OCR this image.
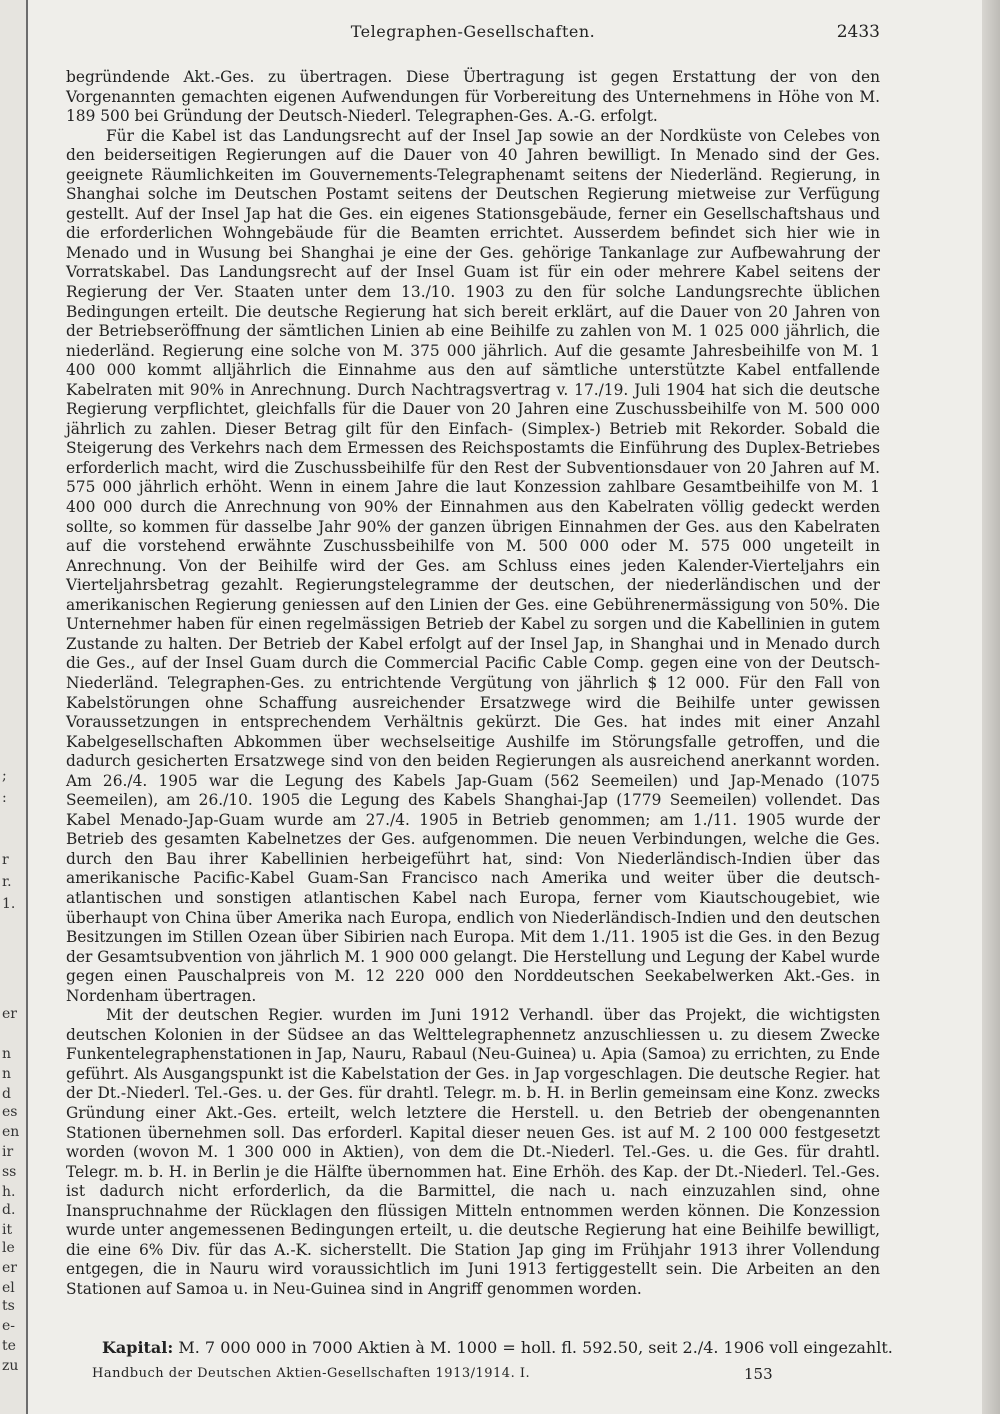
;
:
r
r.
1.
er
n
n
d
es
en
ir
ss
h.
d.
it
le
er
el
ts
e-
te
zu
Telegraphen-Gesellschaften.	2433

begründende Akt.-Ges. zu übertragen. Diese Übertragung ist gegen Erstattung der von den Vorgenannten gemachten eigenen Aufwendungen für Vorbereitung des Unternehmens in Höhe von M. 189 500 bei Gründung der Deutsch-Niederl. Telegraphen-Ges. A.-G. erfolgt.

Für die Kabel ist das Landungsrecht auf der Insel Jap sowie an der Nordküste von Celebes von den beiderseitigen Regierungen auf die Dauer von 40 Jahren bewilligt. In Menado sind der Ges. geeignete Räumlichkeiten im Gouvernements-Telegraphenamt seitens der Niederländ. Regierung, in Shanghai solche im Deutschen Postamt seitens der Deutschen Regierung mietweise zur Verfügung gestellt. Auf der Insel Jap hat die Ges. ein eigenes Stationsgebäude, ferner ein Gesellschaftshaus und die erforderlichen Wohngebäude für die Beamten errichtet. Ausserdem befindet sich hier wie in Menado und in Wusung bei Shanghai je eine der Ges. gehörige Tankanlage zur Aufbewahrung der Vorratskabel. Das Landungsrecht auf der Insel Guam ist für ein oder mehrere Kabel seitens der Regierung der Ver. Staaten unter dem 13./10. 1903 zu den für solche Landungsrechte üblichen Bedingungen erteilt. Die deutsche Regierung hat sich bereit erklärt, auf die Dauer von 20 Jahren von der Betriebseröffnung der sämtlichen Linien ab eine Beihilfe zu zahlen von M. 1 025 000 jährlich, die niederländ. Regierung eine solche von M. 375 000 jährlich. Auf die gesamte Jahresbeihilfe von M. 1 400 000 kommt alljährlich die Einnahme aus den auf sämtliche unterstützte Kabel entfallende Kabelraten mit 90% in Anrechnung. Durch Nachtragsvertrag v. 17./19. Juli 1904 hat sich die deutsche Regierung verpflichtet, gleichfalls für die Dauer von 20 Jahren eine Zuschussbeihilfe von M. 500 000 jährlich zu zahlen. Dieser Betrag gilt für den Einfach- (Simplex-) Betrieb mit Rekorder. Sobald die Steigerung des Verkehrs nach dem Ermessen des Reichspostamts die Einführung des Duplex-Betriebes erforderlich macht, wird die Zuschussbeihilfe für den Rest der Subventionsdauer von 20 Jahren auf M. 575 000 jährlich erhöht. Wenn in einem Jahre die laut Konzession zahlbare Gesamtbeihilfe von M. 1 400 000 durch die Anrechnung von 90% der Einnahmen aus den Kabelraten völlig gedeckt werden sollte, so kommen für dasselbe Jahr 90% der ganzen übrigen Einnahmen der Ges. aus den Kabelraten auf die vorstehend erwähnte Zuschussbeihilfe von M. 500 000 oder M. 575 000 ungeteilt in Anrechnung. Von der Beihilfe wird der Ges. am Schluss eines jeden Kalender-Vierteljahrs ein Vierteljahrsbetrag gezahlt. Regierungstelegramme der deutschen, der niederländischen und der amerikanischen Regierung geniessen auf den Linien der Ges. eine Gebührenermässigung von 50%. Die Unternehmer haben für einen regelmässigen Betrieb der Kabel zu sorgen und die Kabellinien in gutem Zustande zu halten. Der Betrieb der Kabel erfolgt auf der Insel Jap, in Shanghai und in Menado durch die Ges., auf der Insel Guam durch die Commercial Pacific Cable Comp. gegen eine von der Deutsch-Niederländ. Telegraphen-Ges. zu entrichtende Vergütung von jährlich $ 12 000. Für den Fall von Kabelstörungen ohne Schaffung ausreichender Ersatzwege wird die Beihilfe unter gewissen Voraussetzungen in entsprechendem Verhältnis gekürzt. Die Ges. hat indes mit einer Anzahl Kabelgesellschaften Abkommen über wechselseitige Aushilfe im Störungsfalle getroffen, und die dadurch gesicherten Ersatzwege sind von den beiden Regierungen als ausreichend anerkannt worden. Am 26./4. 1905 war die Legung des Kabels Jap-Guam (562 Seemeilen) und Jap-Menado (1075 Seemeilen), am 26./10. 1905 die Legung des Kabels Shanghai-Jap (1779 Seemeilen) vollendet. Das Kabel Menado-Jap-Guam wurde am 27./4. 1905 in Betrieb genommen; am 1./11. 1905 wurde der Betrieb des gesamten Kabelnetzes der Ges. aufgenommen. Die neuen Verbindungen, welche die Ges. durch den Bau ihrer Kabellinien herbeigeführt hat, sind: Von Niederländisch-Indien über das amerikanische Pacific-Kabel Guam-San Francisco nach Amerika und weiter über die deutsch-atlantischen und sonstigen atlantischen Kabel nach Europa, ferner vom Kiautschougebiet, wie überhaupt von China über Amerika nach Europa, endlich von Niederländisch-Indien und den deutschen Besitzungen im Stillen Ozean über Sibirien nach Europa. Mit dem 1./11. 1905 ist die Ges. in den Bezug der Gesamtsubvention von jährlich M. 1 900 000 gelangt. Die Herstellung und Legung der Kabel wurde gegen einen Pauschalpreis von M. 12 220 000 den Norddeutschen Seekabelwerken Akt.-Ges. in Nordenham übertragen.

Mit der deutschen Regier. wurden im Juni 1912 Verhandl. über das Projekt, die wichtigsten deutschen Kolonien in der Südsee an das Welttelegraphennetz anzuschliessen u. zu diesem Zwecke Funkentelegraphenstationen in Jap, Nauru, Rabaul (Neu-Guinea) u. Apia (Samoa) zu errichten, zu Ende geführt. Als Ausgangspunkt ist die Kabelstation der Ges. in Jap vorgeschlagen. Die deutsche Regier. hat der Dt.-Niederl. Tel.-Ges. u. der Ges. für drahtl. Telegr. m. b. H. in Berlin gemeinsam eine Konz. zwecks Gründung einer Akt.-Ges. erteilt, welch letztere die Herstell. u. den Betrieb der obengenannten Stationen übernehmen soll. Das erforderl. Kapital dieser neuen Ges. ist auf M. 2 100 000 festgesetzt worden (wovon M. 1 300 000 in Aktien), von dem die Dt.-Niederl. Tel.-Ges. u. die Ges. für drahtl. Telegr. m. b. H. in Berlin je die Hälfte übernommen hat. Eine Erhöh. des Kap. der Dt.-Niederl. Tel.-Ges. ist dadurch nicht erforderlich, da die Barmittel, die nach u. nach einzuzahlen sind, ohne Inanspruchnahme der Rücklagen den flüssigen Mitteln entnommen werden können. Die Konzession wurde unter angemessenen Bedingungen erteilt, u. die deutsche Regierung hat eine Beihilfe bewilligt, die eine 6% Div. für das A.-K. sicherstellt. Die Station Jap ging im Frühjahr 1913 ihrer Vollendung entgegen, die in Nauru wird voraussichtlich im Juni 1913 fertiggestellt sein. Die Arbeiten an den Stationen auf Samoa u. in Neu-Guinea sind in Angriff genommen worden.

Kapital: M. 7 000 000 in 7000 Aktien à M. 1000 = holl. fl. 592.50, seit 2./4. 1906 voll eingezahlt.
Handbuch der Deutschen Aktien-Gesellschaften 1913/1914. I.	153
